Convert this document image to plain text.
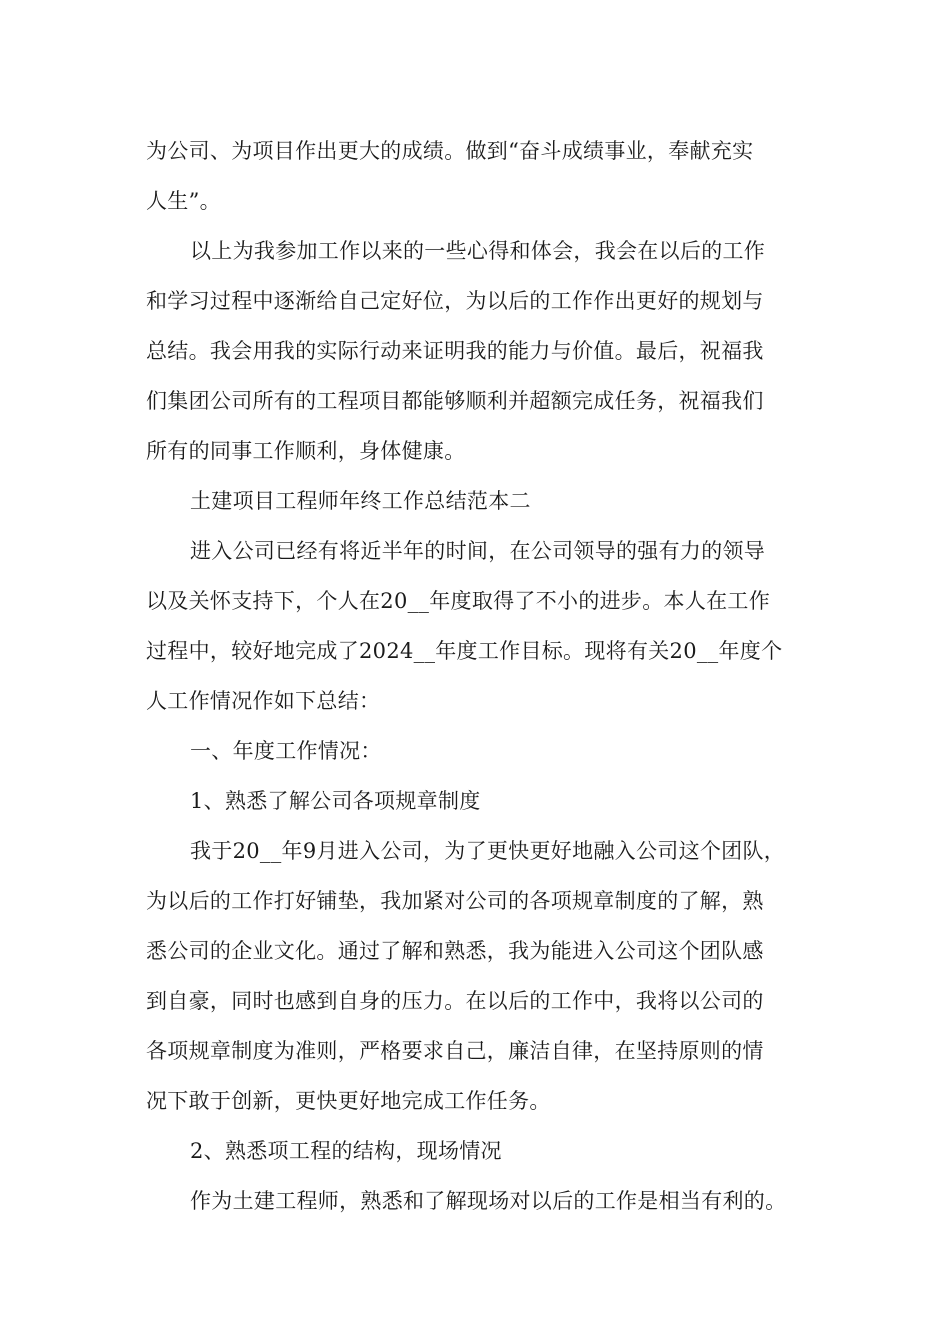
为公司、为项目作出更大的成绩。做到“奋斗成绩事业，奉献充实
人生”。
以上为我参加工作以来的一些心得和体会，我会在以后的工作
和学习过程中逐渐给自己定好位，为以后的工作作出更好的规划与
总结。我会用我的实际行动来证明我的能力与价值。最后，祝福我
们集团公司所有的工程项目都能够顺利并超额完成任务，祝福我们
所有的同事工作顺利，身体健康。
土建项目工程师年终工作总结范本二
进入公司已经有将近半年的时间，在公司领导的强有力的领导
以及关怀支持下，个人在20__年度取得了不小的进步。本人在工作
过程中，较好地完成了2024__年度工作目标。现将有关20__年度个
人工作情况作如下总结：
一、年度工作情况：
1、熟悉了解公司各项规章制度
我于20__年9月进入公司，为了更快更好地融入公司这个团队，
为以后的工作打好铺垫，我加紧对公司的各项规章制度的了解，熟
悉公司的企业文化。通过了解和熟悉，我为能进入公司这个团队感
到自豪，同时也感到自身的压力。在以后的工作中，我将以公司的
各项规章制度为准则，严格要求自己，廉洁自律，在坚持原则的情
况下敢于创新，更快更好地完成工作任务。
2、熟悉项工程的结构，现场情况
作为土建工程师，熟悉和了解现场对以后的工作是相当有利的。
